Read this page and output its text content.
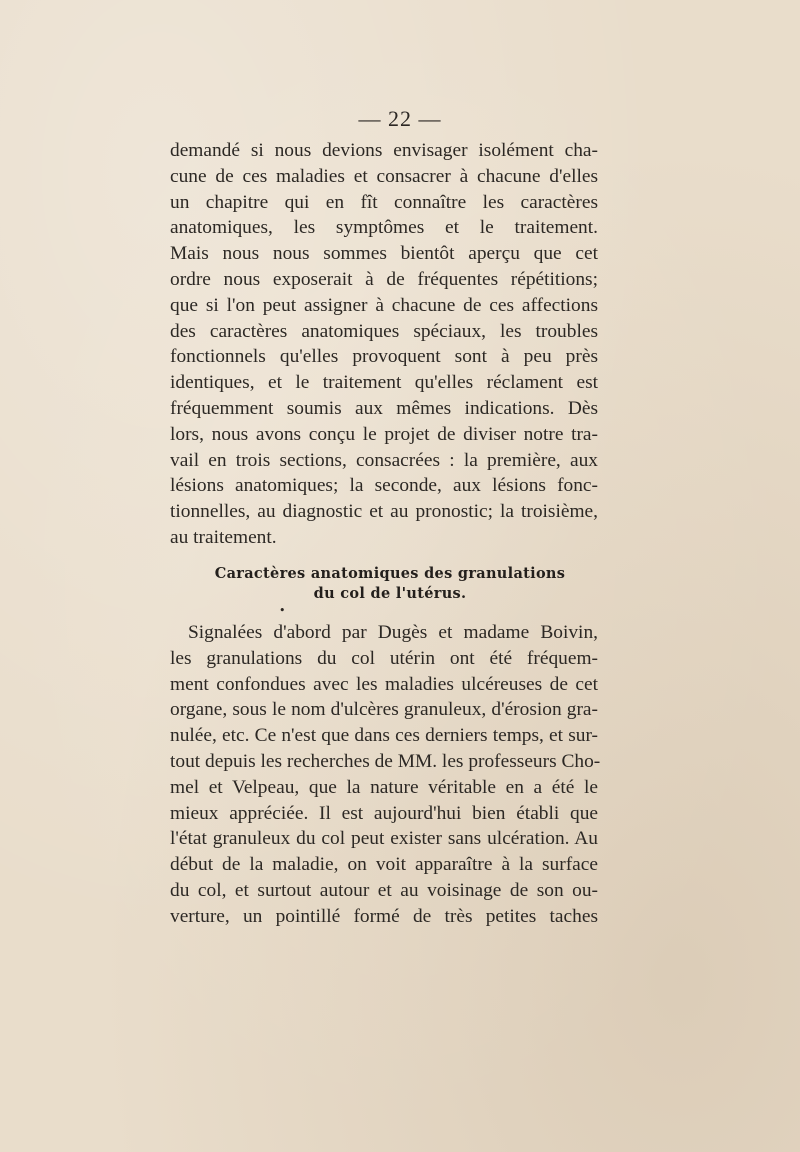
— 22 —
demandé si nous devions envisager isolément cha-
cune de ces maladies et consacrer à chacune d'elles
un chapitre qui en fît connaître les caractères
anatomiques, les symptômes et le traitement.
Mais nous nous sommes bientôt aperçu que cet
ordre nous exposerait à de fréquentes répétitions;
que si l'on peut assigner à chacune de ces affections
des caractères anatomiques spéciaux, les troubles
fonctionnels qu'elles provoquent sont à peu près
identiques, et le traitement qu'elles réclament est
fréquemment soumis aux mêmes indications. Dès
lors, nous avons conçu le projet de diviser notre tra-
vail en trois sections, consacrées : la première, aux
lésions anatomiques; la seconde, aux lésions fonc-
tionnelles, au diagnostic et au pronostic; la troisième,
au traitement.
Caractères anatomiques des granulations
du col de l'utérus.
•
Signalées d'abord par Dugès et madame Boivin,
les granulations du col utérin ont été fréquem-
ment confondues avec les maladies ulcéreuses de cet
organe, sous le nom d'ulcères granuleux, d'érosion gra-
nulée, etc. Ce n'est que dans ces derniers temps, et sur-
tout depuis les recherches de MM. les professeurs Cho-
mel et Velpeau, que la nature véritable en a été le
mieux appréciée. Il est aujourd'hui bien établi que
l'état granuleux du col peut exister sans ulcération. Au
début de la maladie, on voit apparaître à la surface
du col, et surtout autour et au voisinage de son ou-
verture, un pointillé formé de très petites taches
